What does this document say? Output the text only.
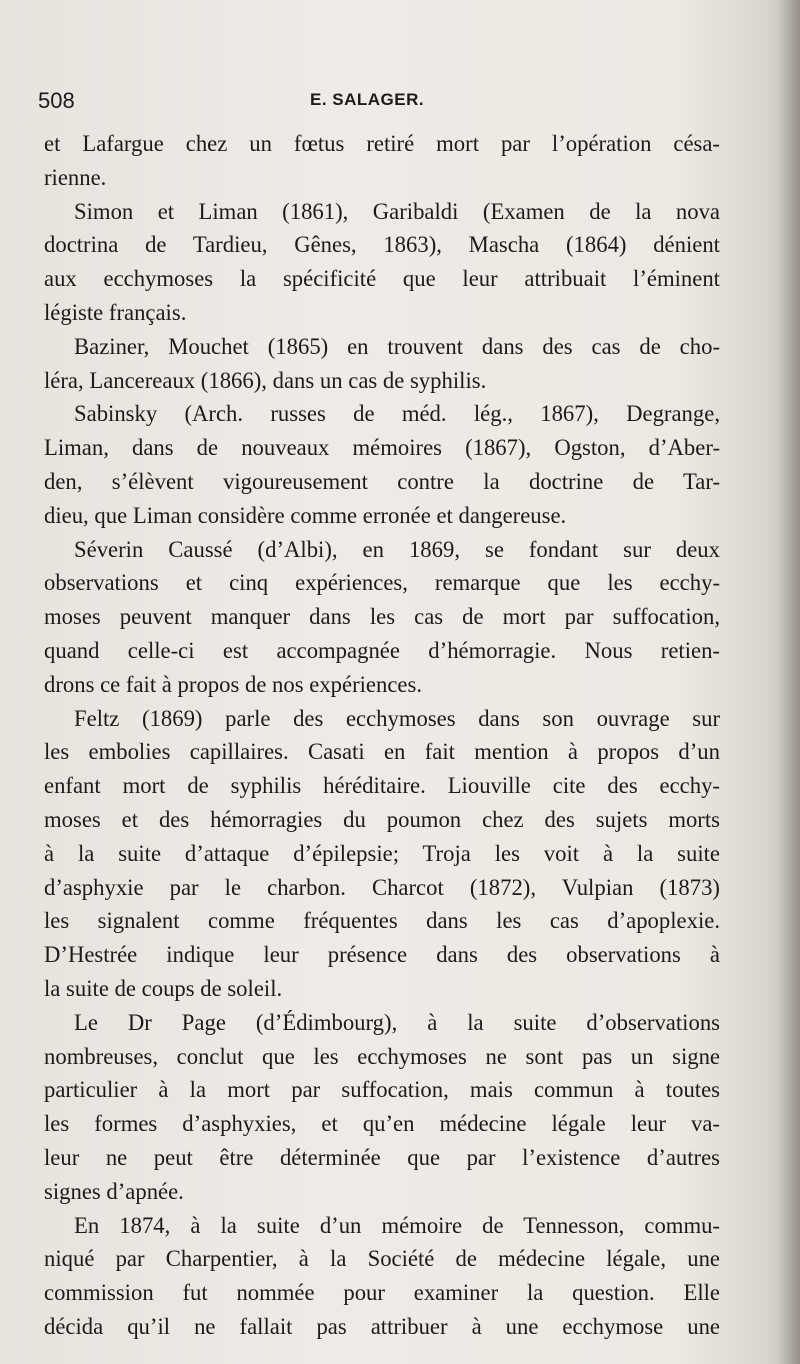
508	E. SALAGER.

et Lafargue chez un fœtus retiré mort par l’opération césa-
rienne.

Simon et Liman (1861), Garibaldi (Examen de la nova
doctrina de Tardieu, Gênes, 1863), Mascha (1864) dénient
aux ecchymoses la spécificité que leur attribuait l’éminent
légiste français.

Baziner, Mouchet (1865) en trouvent dans des cas de cho-
léra, Lancereaux (1866), dans un cas de syphilis.

Sabinsky (Arch. russes de méd. lég., 1867), Degrange,
Liman, dans de nouveaux mémoires (1867), Ogston, d’Aber-
den, s’élèvent vigoureusement contre la doctrine de Tar-
dieu, que Liman considère comme erronée et dangereuse.

Séverin Caussé (d’Albi), en 1869, se fondant sur deux
observations et cinq expériences, remarque que les ecchy-
moses peuvent manquer dans les cas de mort par suffocation,
quand celle-ci est accompagnée d’hémorragie. Nous retien-
drons ce fait à propos de nos expériences.

Feltz (1869) parle des ecchymoses dans son ouvrage sur
les embolies capillaires. Casati en fait mention à propos d’un
enfant mort de syphilis héréditaire. Liouville cite des ecchy-
moses et des hémorragies du poumon chez des sujets morts
à la suite d’attaque d’épilepsie; Troja les voit à la suite
d’asphyxie par le charbon. Charcot (1872), Vulpian (1873)
les signalent comme fréquentes dans les cas d’apoplexie.
D’Hestrée indique leur présence dans des observations à
la suite de coups de soleil.

Le Dr Page (d’Édimbourg), à la suite d’observations
nombreuses, conclut que les ecchymoses ne sont pas un signe
particulier à la mort par suffocation, mais commun à toutes
les formes d’asphyxies, et qu’en médecine légale leur va-
leur ne peut être déterminée que par l’existence d’autres
signes d’apnée.

En 1874, à la suite d’un mémoire de Tennesson, commu-
niqué par Charpentier, à la Société de médecine légale, une
commission fut nommée pour examiner la question. Elle
décida qu’il ne fallait pas attribuer à une ecchymose une
